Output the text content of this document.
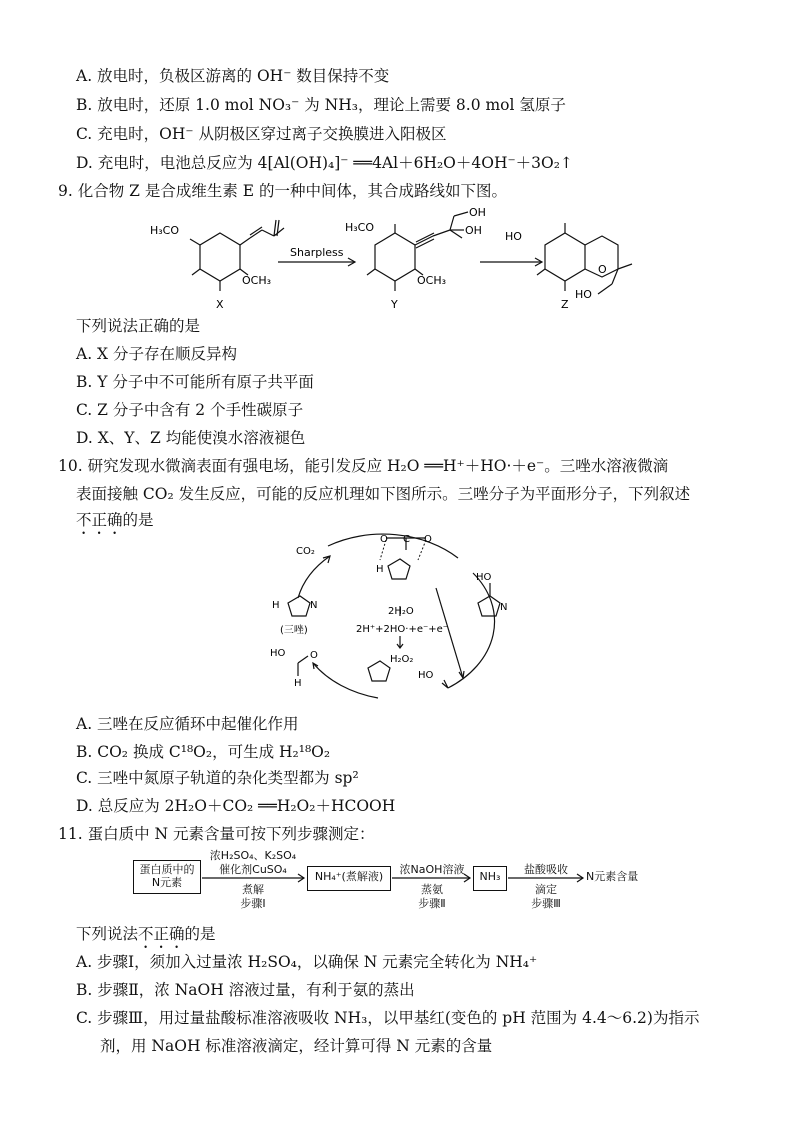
A. 放电时，负极区游离的 OH⁻ 数目保持不变
B. 放电时，还原 1.0 mol NO₃⁻ 为 NH₃，理论上需要 8.0 mol 氢原子
C. 充电时，OH⁻ 从阴极区穿过离子交换膜进入阳极区
D. 充电时，电池总反应为 4[Al(OH)₄]⁻ ══4Al＋6H₂O＋4OH⁻＋3O₂↑
9. 化合物 Z 是合成维生素 E 的一种中间体，其合成路线如下图。
H₃CO
OCH₃
X
Sharpless
H₃CO
OCH₃
OH
OH
Y
HO
O
HO
Z
下列说法正确的是
A. X 分子存在顺反异构
B. Y 分子中不可能所有原子共平面
C. Z 分子中含有 2 个手性碳原子
D. X、Y、Z 均能使溴水溶液褪色
10. 研究发现水微滴表面有强电场，能引发反应 H₂O ══H⁺＋HO·＋e⁻。三唑水溶液微滴
表面接触 CO₂ 发生反应，可能的反应机理如下图所示。三唑分子为平面形分子，下列叙述
不正确的是
CO₂
O C O
H
H	N
(三唑)
2H₂O
2H⁺+2HO·+e⁻+e⁻
H₂O₂
HO
N
HO
HO O
H
A. 三唑在反应循环中起催化作用
B. CO₂ 换成 C¹⁸O₂，可生成 H₂¹⁸O₂
C. 三唑中氮原子轨道的杂化类型都为 sp²
D. 总反应为 2H₂O＋CO₂ ══H₂O₂＋HCOOH
11. 蛋白质中 N 元素含量可按下列步骤测定：
蛋白质中的 N元素
浓H₂SO₄、K₂SO₄
催化剂CuSO₄
煮解
步骤Ⅰ
NH₄⁺(煮解液)
浓NaOH溶液
蒸氨
步骤Ⅱ
NH₃
盐酸吸收
滴定
步骤Ⅲ
N元素含量
下列说法不正确的是
A. 步骤Ⅰ，须加入过量浓 H₂SO₄，以确保 N 元素完全转化为 NH₄⁺
B. 步骤Ⅱ，浓 NaOH 溶液过量，有利于氨的蒸出
C. 步骤Ⅲ，用过量盐酸标准溶液吸收 NH₃，以甲基红(变色的 pH 范围为 4.4～6.2)为指示
剂，用 NaOH 标准溶液滴定，经计算可得 N 元素的含量
